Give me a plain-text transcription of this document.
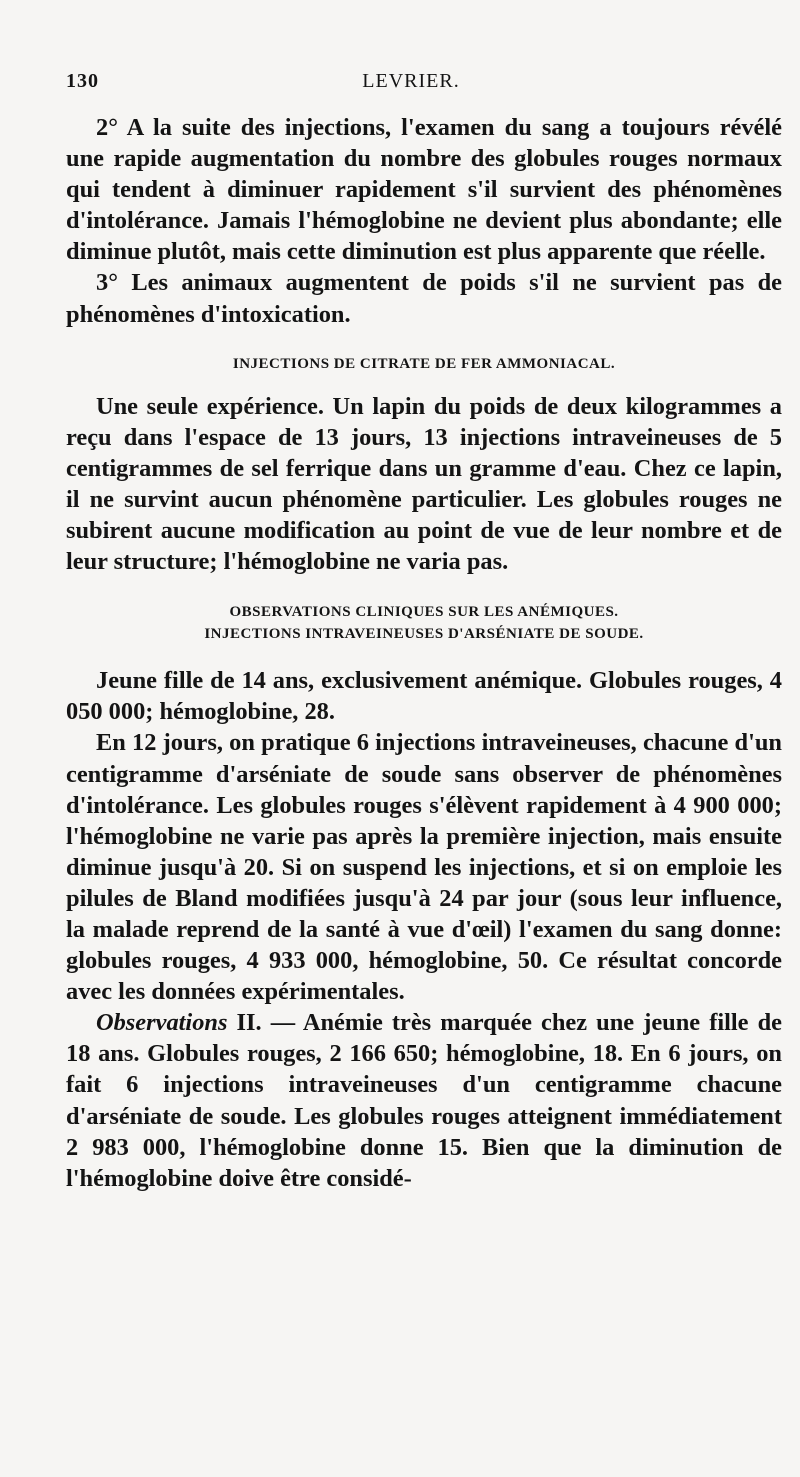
130	LEVRIER.

2° A la suite des injections, l'examen du sang a toujours révélé une rapide augmentation du nombre des globules rouges normaux qui tendent à diminuer rapidement s'il survient des phénomènes d'intolérance. Jamais l'hémoglobine ne devient plus abondante; elle diminue plutôt, mais cette diminution est plus apparente que réelle.

3° Les animaux augmentent de poids s'il ne survient pas de phénomènes d'intoxication.

INJECTIONS DE CITRATE DE FER AMMONIACAL.

Une seule expérience. Un lapin du poids de deux kilogrammes a reçu dans l'espace de 13 jours, 13 injections intraveineuses de 5 centigrammes de sel ferrique dans un gramme d'eau. Chez ce lapin, il ne survint aucun phénomène particulier. Les globules rouges ne subirent aucune modification au point de vue de leur nombre et de leur structure; l'hémoglobine ne varia pas.

OBSERVATIONS CLINIQUES SUR LES ANÉMIQUES.
INJECTIONS INTRAVEINEUSES D'ARSÉNIATE DE SOUDE.

Jeune fille de 14 ans, exclusivement anémique. Globules rouges, 4 050 000; hémoglobine, 28.

En 12 jours, on pratique 6 injections intraveineuses, chacune d'un centigramme d'arséniate de soude sans observer de phénomènes d'intolérance. Les globules rouges s'élèvent rapidement à 4 900 000; l'hémoglobine ne varie pas après la première injection, mais ensuite diminue jusqu'à 20. Si on suspend les injections, et si on emploie les pilules de Bland modifiées jusqu'à 24 par jour (sous leur influence, la malade reprend de la santé à vue d'œil) l'examen du sang donne: globules rouges, 4 933 000, hémoglobine, 50. Ce résultat concorde avec les données expérimentales.

Observations II. — Anémie très marquée chez une jeune fille de 18 ans. Globules rouges, 2 166 650; hémoglobine, 18. En 6 jours, on fait 6 injections intraveineuses d'un centigramme chacune d'arséniate de soude. Les globules rouges atteignent immédiatement 2 983 000, l'hémoglobine donne 15. Bien que la diminution de l'hémoglobine doive être considé-
